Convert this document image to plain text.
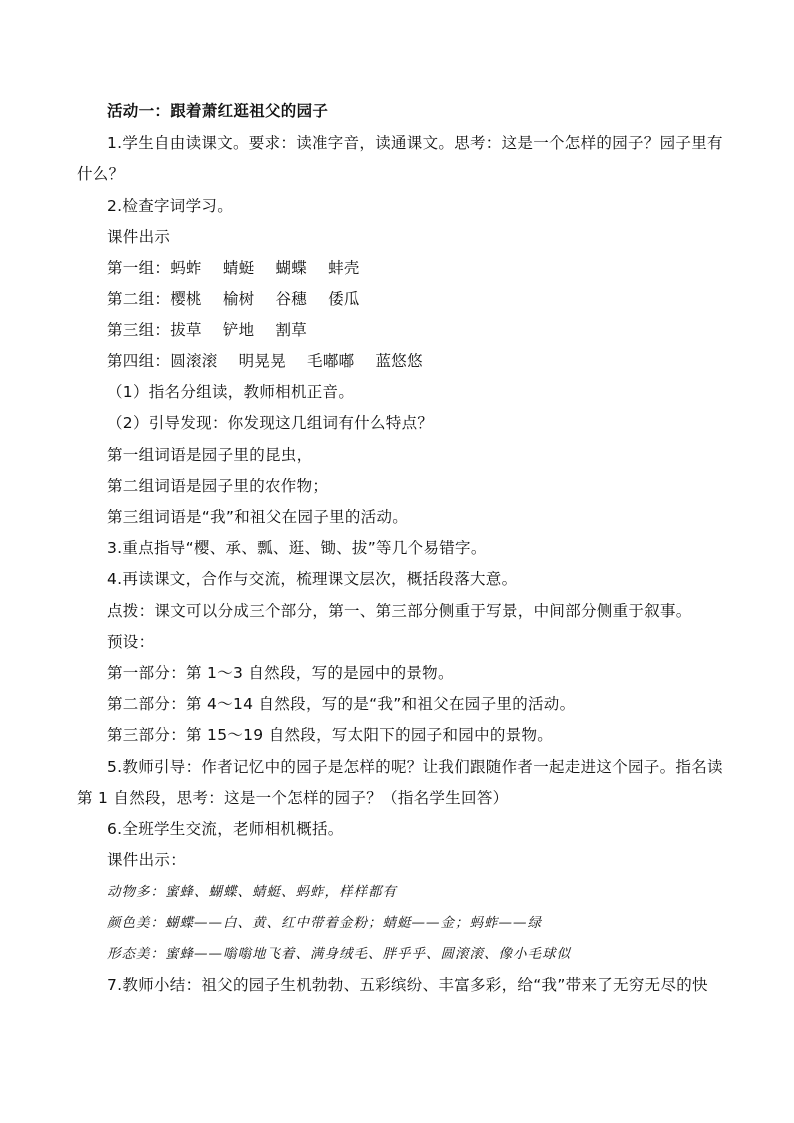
活动一：跟着萧红逛祖父的园子
1.学生自由读课文。要求：读准字音，读通课文。思考：这是一个怎样的园子？园子里有
什么？
2.检查字词学习。
课件出示
第一组：蚂蚱　 蜻蜓　 蝴蝶　 蚌壳
第二组：樱桃　 榆树　 谷穗　 倭瓜
第三组：拔草　 铲地　 割草
第四组：圆滚滚　 明晃晃　 毛嘟嘟　 蓝悠悠
（1）指名分组读，教师相机正音。
（2）引导发现：你发现这几组词有什么特点？
第一组词语是园子里的昆虫，
第二组词语是园子里的农作物；
第三组词语是“我”和祖父在园子里的活动。
3.重点指导“樱、承、瓢、逛、锄、拔”等几个易错字。
4.再读课文，合作与交流，梳理课文层次，概括段落大意。
点拨：课文可以分成三个部分，第一、第三部分侧重于写景，中间部分侧重于叙事。
预设：
第一部分：第 1～3 自然段，写的是园中的景物。
第二部分：第 4～14 自然段，写的是“我”和祖父在园子里的活动。
第三部分：第 15～19 自然段，写太阳下的园子和园中的景物。
5.教师引导：作者记忆中的园子是怎样的呢？让我们跟随作者一起走进这个园子。指名读
第 1 自然段，思考：这是一个怎样的园子？（指名学生回答）
6.全班学生交流，老师相机概括。
课件出示：
动物多：蜜蜂、蝴蝶、蜻蜓、蚂蚱，样样都有
颜色美：蝴蝶——白、黄、红中带着金粉；蜻蜓——金；蚂蚱——绿
形态美：蜜蜂——嗡嗡地飞着、满身绒毛、胖乎乎、圆滚滚、像小毛球似
7.教师小结：祖父的园子生机勃勃、五彩缤纷、丰富多彩，给“我”带来了无穷无尽的快
